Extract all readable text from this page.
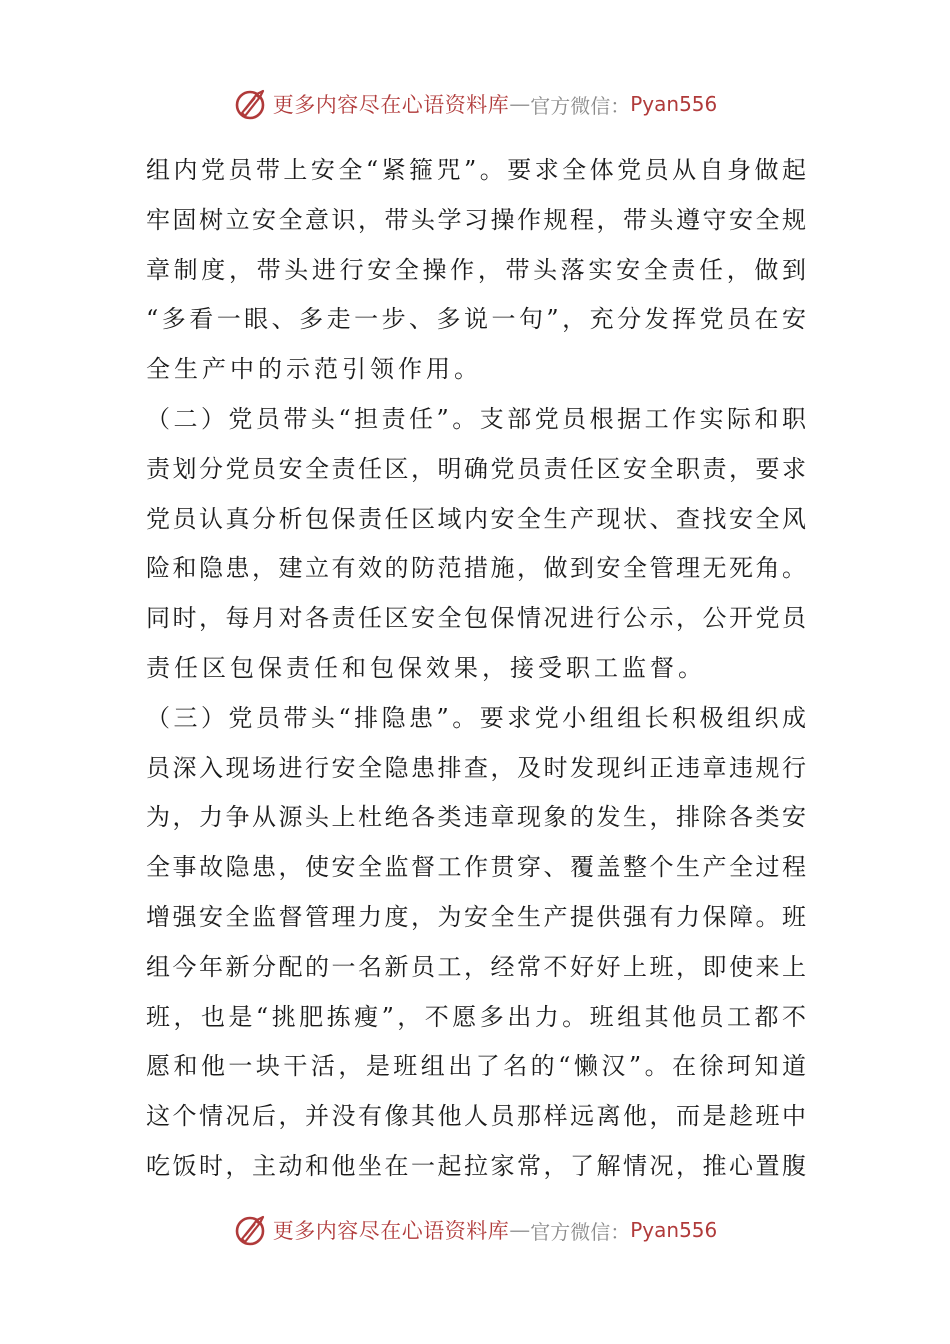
更多内容尽在心语资料库 — 官方微信： Pyan556
组内党员带上安全“紧箍咒”。要求全体党员从自身做起
牢固树立安全意识，带头学习操作规程，带头遵守安全规
章制度，带头进行安全操作，带头落实安全责任，做到
“多看一眼、多走一步、多说一句”，充分发挥党员在安
全生产中的示范引领作用。
（二）党员带头“担责任”。支部党员根据工作实际和职
责划分党员安全责任区，明确党员责任区安全职责，要求
党员认真分析包保责任区域内安全生产现状、查找安全风
险和隐患，建立有效的防范措施，做到安全管理无死角。
同时，每月对各责任区安全包保情况进行公示，公开党员
责任区包保责任和包保效果，接受职工监督。
（三）党员带头“排隐患”。要求党小组组长积极组织成
员深入现场进行安全隐患排查，及时发现纠正违章违规行
为，力争从源头上杜绝各类违章现象的发生，排除各类安
全事故隐患，使安全监督工作贯穿、覆盖整个生产全过程
增强安全监督管理力度，为安全生产提供强有力保障。班
组今年新分配的一名新员工，经常不好好上班，即使来上
班，也是“挑肥拣瘦”，不愿多出力。班组其他员工都不
愿和他一块干活，是班组出了名的“懒汉”。在徐珂知道
这个情况后，并没有像其他人员那样远离他，而是趁班中
吃饭时，主动和他坐在一起拉家常，了解情况，推心置腹
更多内容尽在心语资料库 — 官方微信： Pyan556
